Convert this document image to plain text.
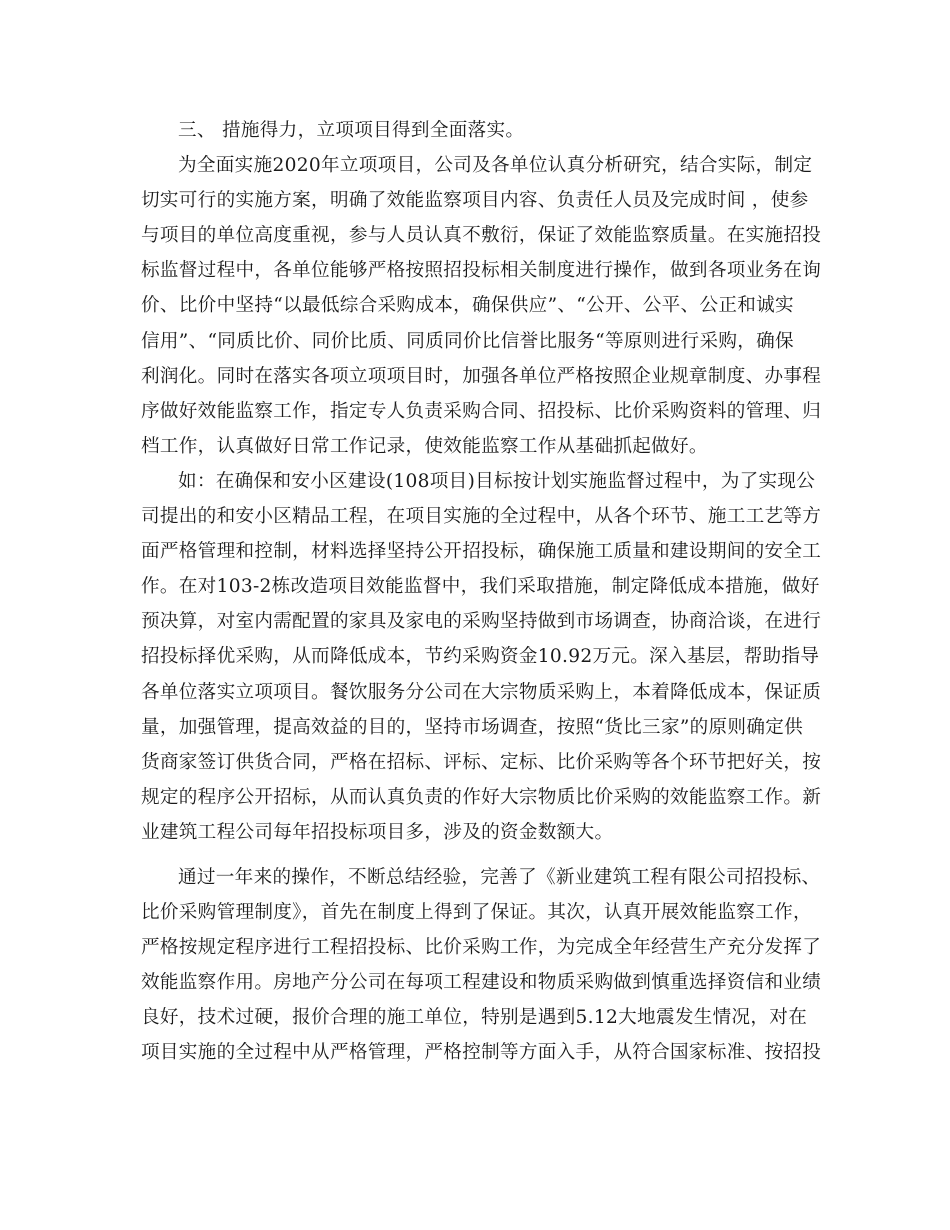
三、 措施得力，立项项目得到全面落实。
为全面实施2020年立项项目，公司及各单位认真分析研究，结合实际，制定
切实可行的实施方案，明确了效能监察项目内容、负责任人员及完成时间 ，使参
与项目的单位高度重视，参与人员认真不敷衍，保证了效能监察质量。在实施招投
标监督过程中，各单位能够严格按照招投标相关制度进行操作，做到各项业务在询
价、比价中坚持“以最低综合采购成本，确保供应”、“公开、公平、公正和诚实
信用”、“同质比价、同价比质、同质同价比信誉比服务“等原则进行采购，确保
利润化。同时在落实各项立项项目时，加强各单位严格按照企业规章制度、办事程
序做好效能监察工作，指定专人负责采购合同、招投标、比价采购资料的管理、归
档工作，认真做好日常工作记录，使效能监察工作从基础抓起做好。
如：在确保和安小区建设(108项目)目标按计划实施监督过程中，为了实现公
司提出的和安小区精品工程，在项目实施的全过程中，从各个环节、施工工艺等方
面严格管理和控制，材料选择坚持公开招投标，确保施工质量和建设期间的安全工
作。在对103-2栋改造项目效能监督中，我们采取措施，制定降低成本措施，做好
预决算，对室内需配置的家具及家电的采购坚持做到市场调查，协商洽谈，在进行
招投标择优采购，从而降低成本，节约采购资金10.92万元。深入基层，帮助指导
各单位落实立项项目。餐饮服务分公司在大宗物质采购上，本着降低成本，保证质
量，加强管理，提高效益的目的，坚持市场调查，按照“货比三家”的原则确定供
货商家签订供货合同，严格在招标、评标、定标、比价采购等各个环节把好关，按
规定的程序公开招标，从而认真负责的作好大宗物质比价采购的效能监察工作。新
业建筑工程公司每年招投标项目多，涉及的资金数额大。
通过一年来的操作，不断总结经验，完善了《新业建筑工程有限公司招投标、
比价采购管理制度》，首先在制度上得到了保证。其次，认真开展效能监察工作，
严格按规定程序进行工程招投标、比价采购工作，为完成全年经营生产充分发挥了
效能监察作用。房地产分公司在每项工程建设和物质采购做到慎重选择资信和业绩
良好，技术过硬，报价合理的施工单位，特别是遇到5.12大地震发生情况，对在
项目实施的全过程中从严格管理，严格控制等方面入手，从符合国家标准、按招投
